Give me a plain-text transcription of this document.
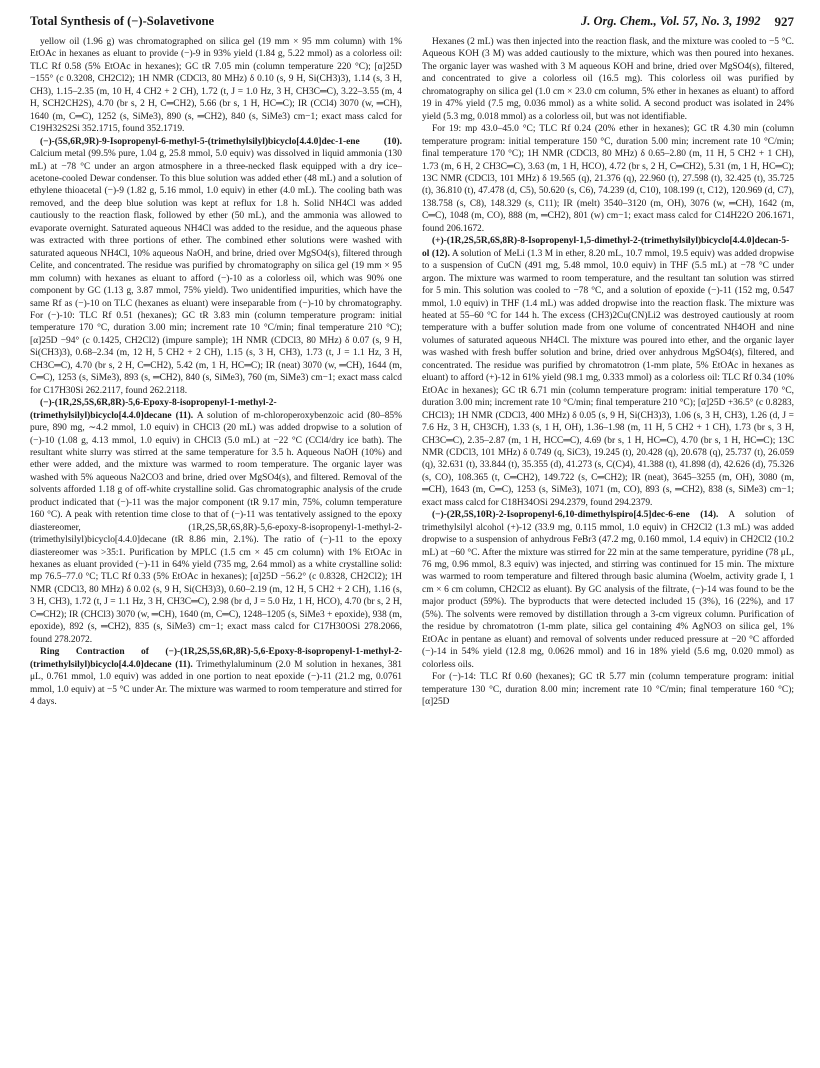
Total Synthesis of (−)-Solavetivone	J. Org. Chem., Vol. 57, No. 3, 1992 927

yellow oil (1.96 g) was chromatographed on silica gel (19 mm × 95 mm column) with 1% EtOAc in hexanes as eluant to provide (−)-9 in 93% yield (1.84 g, 5.22 mmol) as a colorless oil: TLC Rf 0.58 (5% EtOAc in hexanes); GC tR 7.05 min (column temperature 220 °C); [α]25D −155° (c 0.3208, CH2Cl2); 1H NMR (CDCl3, 80 MHz) δ 0.10 (s, 9 H, Si(CH3)3), 1.14 (s, 3 H, CH3), 1.15–2.35 (m, 10 H, 4 CH2 + 2 CH), 1.72 (t, J = 1.0 Hz, 3 H, CH3C═C), 3.22–3.55 (m, 4 H, SCH2CH2S), 4.70 (br s, 2 H, C═CH2), 5.66 (br s, 1 H, HC═C); IR (CCl4) 3070 (w, ═CH), 1640 (m, C═C), 1252 (s, SiMe3), 890 (s, ═CH2), 840 (s, SiMe3) cm−1; exact mass calcd for C19H32S2Si 352.1715, found 352.1719.

(−)-(5S,6R,9R)-9-Isopropenyl-6-methyl-5-(trimethylsilyl)bicyclo[4.4.0]dec-1-ene (10). Calcium metal (99.5% pure, 1.04 g, 25.8 mmol, 5.0 equiv) was dissolved in liquid ammonia (130 mL) at −78 °C under an argon atmosphere in a three-necked flask equipped with a dry ice–acetone-cooled Dewar condenser. To this blue solution was added ether (48 mL) and a solution of ethylene thioacetal (−)-9 (1.82 g, 5.16 mmol, 1.0 equiv) in ether (4.0 mL). The cooling bath was removed, and the deep blue solution was kept at reflux for 1.8 h. Solid NH4Cl was added cautiously to the reaction flask, followed by ether (50 mL), and the ammonia was allowed to evaporate overnight. Saturated aqueous NH4Cl was added to the residue, and the aqueous phase was extracted with three portions of ether. The combined ether solutions were washed with saturated aqueous NH4Cl, 10% aqueous NaOH, and brine, dried over MgSO4(s), filtered through Celite, and concentrated. The residue was purified by chromatography on silica gel (19 mm × 95 mm column) with hexanes as eluant to afford (−)-10 as a colorless oil, which was 90% one component by GC (1.13 g, 3.87 mmol, 75% yield). Two unidentified impurities, which have the same Rf as (−)-10 on TLC (hexanes as eluant) were inseparable from (−)-10 by chromatography. For (−)-10: TLC Rf 0.51 (hexanes); GC tR 3.83 min (column temperature program: initial temperature 170 °C, duration 3.00 min; increment rate 10 °C/min; final temperature 210 °C); [α]25D −94° (c 0.1425, CH2Cl2) (impure sample); 1H NMR (CDCl3, 80 MHz) δ 0.07 (s, 9 H, Si(CH3)3), 0.68–2.34 (m, 12 H, 5 CH2 + 2 CH), 1.15 (s, 3 H, CH3), 1.73 (t, J = 1.1 Hz, 3 H, CH3C═C), 4.70 (br s, 2 H, C═CH2), 5.42 (m, 1 H, HC═C); IR (neat) 3070 (w, ═CH), 1644 (m, C═C), 1253 (s, SiMe3), 893 (s, ═CH2), 840 (s, SiMe3), 760 (m, SiMe3) cm−1; exact mass calcd for C17H30Si 262.2117, found 262.2118.

(−)-(1R,2S,5S,6R,8R)-5,6-Epoxy-8-isopropenyl-1-methyl-2-(trimethylsilyl)bicyclo[4.4.0]decane (11). A solution of m-chloroperoxybenzoic acid (80–85% pure, 890 mg, ∼4.2 mmol, 1.0 equiv) in CHCl3 (20 mL) was added dropwise to a solution of (−)-10 (1.08 g, 4.13 mmol, 1.0 equiv) in CHCl3 (5.0 mL) at −22 °C (CCl4/dry ice bath). The resultant white slurry was stirred at the same temperature for 3.5 h. Aqueous NaOH (10%) and ether were added, and the mixture was warmed to room temperature. The organic layer was washed with 5% aqueous Na2CO3 and brine, dried over MgSO4(s), and filtered. Removal of the solvents afforded 1.18 g of off-white crystalline solid. Gas chromatographic analysis of the crude product indicated that (−)-11 was the major component (tR 9.17 min, 75%, column temperature 160 °C). A peak with retention time close to that of (−)-11 was tentatively assigned to the epoxy diastereomer, (1R,2S,5R,6S,8R)-5,6-epoxy-8-isopropenyl-1-methyl-2-(trimethylsilyl)bicyclo[4.4.0]decane (tR 8.86 min, 2.1%). The ratio of (−)-11 to the epoxy diastereomer was >35:1. Purification by MPLC (1.5 cm × 45 cm column) with 1% EtOAc in hexanes as eluant provided (−)-11 in 64% yield (735 mg, 2.64 mmol) as a white crystalline solid: mp 76.5–77.0 °C; TLC Rf 0.33 (5% EtOAc in hexanes); [α]25D −56.2° (c 0.8328, CH2Cl2); 1H NMR (CDCl3, 80 MHz) δ 0.02 (s, 9 H, Si(CH3)3), 0.60–2.19 (m, 12 H, 5 CH2 + 2 CH), 1.16 (s, 3 H, CH3), 1.72 (t, J = 1.1 Hz, 3 H, CH3C═C), 2.98 (br d, J = 5.0 Hz, 1 H, HCO), 4.70 (br s, 2 H, C═CH2); IR (CHCl3) 3070 (w, ═CH), 1640 (m, C═C), 1248–1205 (s, SiMe3 + epoxide), 938 (m, epoxide), 892 (s, ═CH2), 835 (s, SiMe3) cm−1; exact mass calcd for C17H30OSi 278.2066, found 278.2072.

Ring Contraction of (−)-(1R,2S,5S,6R,8R)-5,6-Epoxy-8-isopropenyl-1-methyl-2-(trimethylsilyl)bicyclo[4.4.0]decane (11). Trimethylaluminum (2.0 M solution in hexanes, 381 μL, 0.761 mmol, 1.0 equiv) was added in one portion to neat epoxide (−)-11 (21.2 mg, 0.0761 mmol, 1.0 equiv) at −5 °C under Ar. The mixture was warmed to room temperature and stirred for 4 days.

Hexanes (2 mL) was then injected into the reaction flask, and the mixture was cooled to −5 °C. Aqueous KOH (3 M) was added cautiously to the mixture, which was then poured into hexanes. The organic layer was washed with 3 M aqueous KOH and brine, dried over MgSO4(s), filtered, and concentrated to give a colorless oil (16.5 mg). This colorless oil was purified by chromatography on silica gel (1.0 cm × 23.0 cm column, 5% ether in hexanes as eluant) to afford 19 in 47% yield (7.5 mg, 0.036 mmol) as a white solid. A second product was isolated in 24% yield (5.3 mg, 0.018 mmol) as a colorless oil, but was not identifiable.

For 19: mp 43.0–45.0 °C; TLC Rf 0.24 (20% ether in hexanes); GC tR 4.30 min (column temperature program: initial temperature 150 °C, duration 5.00 min; increment rate 10 °C/min; final temperature 170 °C); 1H NMR (CDCl3, 80 MHz) δ 0.65–2.80 (m, 11 H, 5 CH2 + 1 CH), 1.73 (m, 6 H, 2 CH3C═C), 3.63 (m, 1 H, HCO), 4.72 (br s, 2 H, C═CH2), 5.31 (m, 1 H, HC═C); 13C NMR (CDCl3, 101 MHz) δ 19.565 (q), 21.376 (q), 22.960 (t), 27.598 (t), 32.425 (t), 35.725 (t), 36.810 (t), 47.478 (d, C5), 50.620 (s, C6), 74.239 (d, C10), 108.199 (t, C12), 120.969 (d, C7), 138.758 (s, C8), 148.329 (s, C11); IR (melt) 3540–3120 (m, OH), 3076 (w, ═CH), 1642 (m, C═C), 1048 (m, CO), 888 (m, ═CH2), 801 (w) cm−1; exact mass calcd for C14H22O 206.1671, found 206.1672.

(+)-(1R,2S,5R,6S,8R)-8-Isopropenyl-1,5-dimethyl-2-(trimethylsilyl)bicyclo[4.4.0]decan-5-ol (12). A solution of MeLi (1.3 M in ether, 8.20 mL, 10.7 mmol, 19.5 equiv) was added dropwise to a suspension of CuCN (491 mg, 5.48 mmol, 10.0 equiv) in THF (5.5 mL) at −78 °C under argon. The mixture was warmed to room temperature, and the resultant tan solution was stirred for 5 min. This solution was cooled to −78 °C, and a solution of epoxide (−)-11 (152 mg, 0.547 mmol, 1.0 equiv) in THF (1.4 mL) was added dropwise into the reaction flask. The mixture was heated at 55–60 °C for 144 h. The excess (CH3)2Cu(CN)Li2 was destroyed cautiously at room temperature with a buffer solution made from one volume of concentrated NH4OH and nine volumes of saturated aqueous NH4Cl. The mixture was poured into ether, and the organic layer was washed with fresh buffer solution and brine, dried over anhydrous MgSO4(s), filtered, and concentrated. The residue was purified by chromatotron (1-mm plate, 5% EtOAc in hexanes as eluant) to afford (+)-12 in 61% yield (98.1 mg, 0.333 mmol) as a colorless oil: TLC Rf 0.34 (10% EtOAc in hexanes); GC tR 6.71 min (column temperature program: initial temperature 170 °C, duration 3.00 min; increment rate 10 °C/min; final temperature 210 °C); [α]25D +36.5° (c 0.8283, CHCl3); 1H NMR (CDCl3, 400 MHz) δ 0.05 (s, 9 H, Si(CH3)3), 1.06 (s, 3 H, CH3), 1.26 (d, J = 7.6 Hz, 3 H, CH3CH), 1.33 (s, 1 H, OH), 1.36–1.98 (m, 11 H, 5 CH2 + 1 CH), 1.73 (br s, 3 H, CH3C═C), 2.35–2.87 (m, 1 H, HCC═C), 4.69 (br s, 1 H, HC═C), 4.70 (br s, 1 H, HC═C); 13C NMR (CDCl3, 101 MHz) δ 0.749 (q, SiC3), 19.245 (t), 20.428 (q), 20.678 (q), 25.737 (t), 26.059 (q), 32.631 (t), 33.844 (t), 35.355 (d), 41.273 (s, C(C)4), 41.388 (t), 41.898 (d), 42.626 (d), 75.326 (s, CO), 108.365 (t, C═CH2), 149.722 (s, C═CH2); IR (neat), 3645–3255 (m, OH), 3080 (m, ═CH), 1643 (m, C═C), 1253 (s, SiMe3), 1071 (m, CO), 893 (s, ═CH2), 838 (s, SiMe3) cm−1; exact mass calcd for C18H34OSi 294.2379, found 294.2379.

(−)-(2R,5S,10R)-2-Isopropenyl-6,10-dimethylspiro[4.5]dec-6-ene (14). A solution of trimethylsilyl alcohol (+)-12 (33.9 mg, 0.115 mmol, 1.0 equiv) in CH2Cl2 (1.3 mL) was added dropwise to a suspension of anhydrous FeBr3 (47.2 mg, 0.160 mmol, 1.4 equiv) in CH2Cl2 (10.2 mL) at −60 °C. After the mixture was stirred for 22 min at the same temperature, pyridine (78 μL, 76 mg, 0.96 mmol, 8.3 equiv) was injected, and stirring was continued for 15 min. The mixture was warmed to room temperature and filtered through basic alumina (Woelm, activity grade I, 1 cm × 6 cm column, CH2Cl2 as eluant). By GC analysis of the filtrate, (−)-14 was found to be the major product (59%). The byproducts that were detected included 15 (3%), 16 (22%), and 17 (5%). The solvents were removed by distillation through a 3-cm vigreux column. Purification of the residue by chromatotron (1-mm plate, silica gel containing 4% AgNO3 on silica gel, 1% EtOAc in pentane as eluant) and removal of solvents under reduced pressure at −20 °C afforded (−)-14 in 54% yield (12.8 mg, 0.0626 mmol) and 16 in 18% yield (5.6 mg, 0.020 mmol) as colorless oils.

For (−)-14: TLC Rf 0.60 (hexanes); GC tR 5.77 min (column temperature program: initial temperature 130 °C, duration 8.00 min; increment rate 10 °C/min; final temperature 160 °C); [α]25D
